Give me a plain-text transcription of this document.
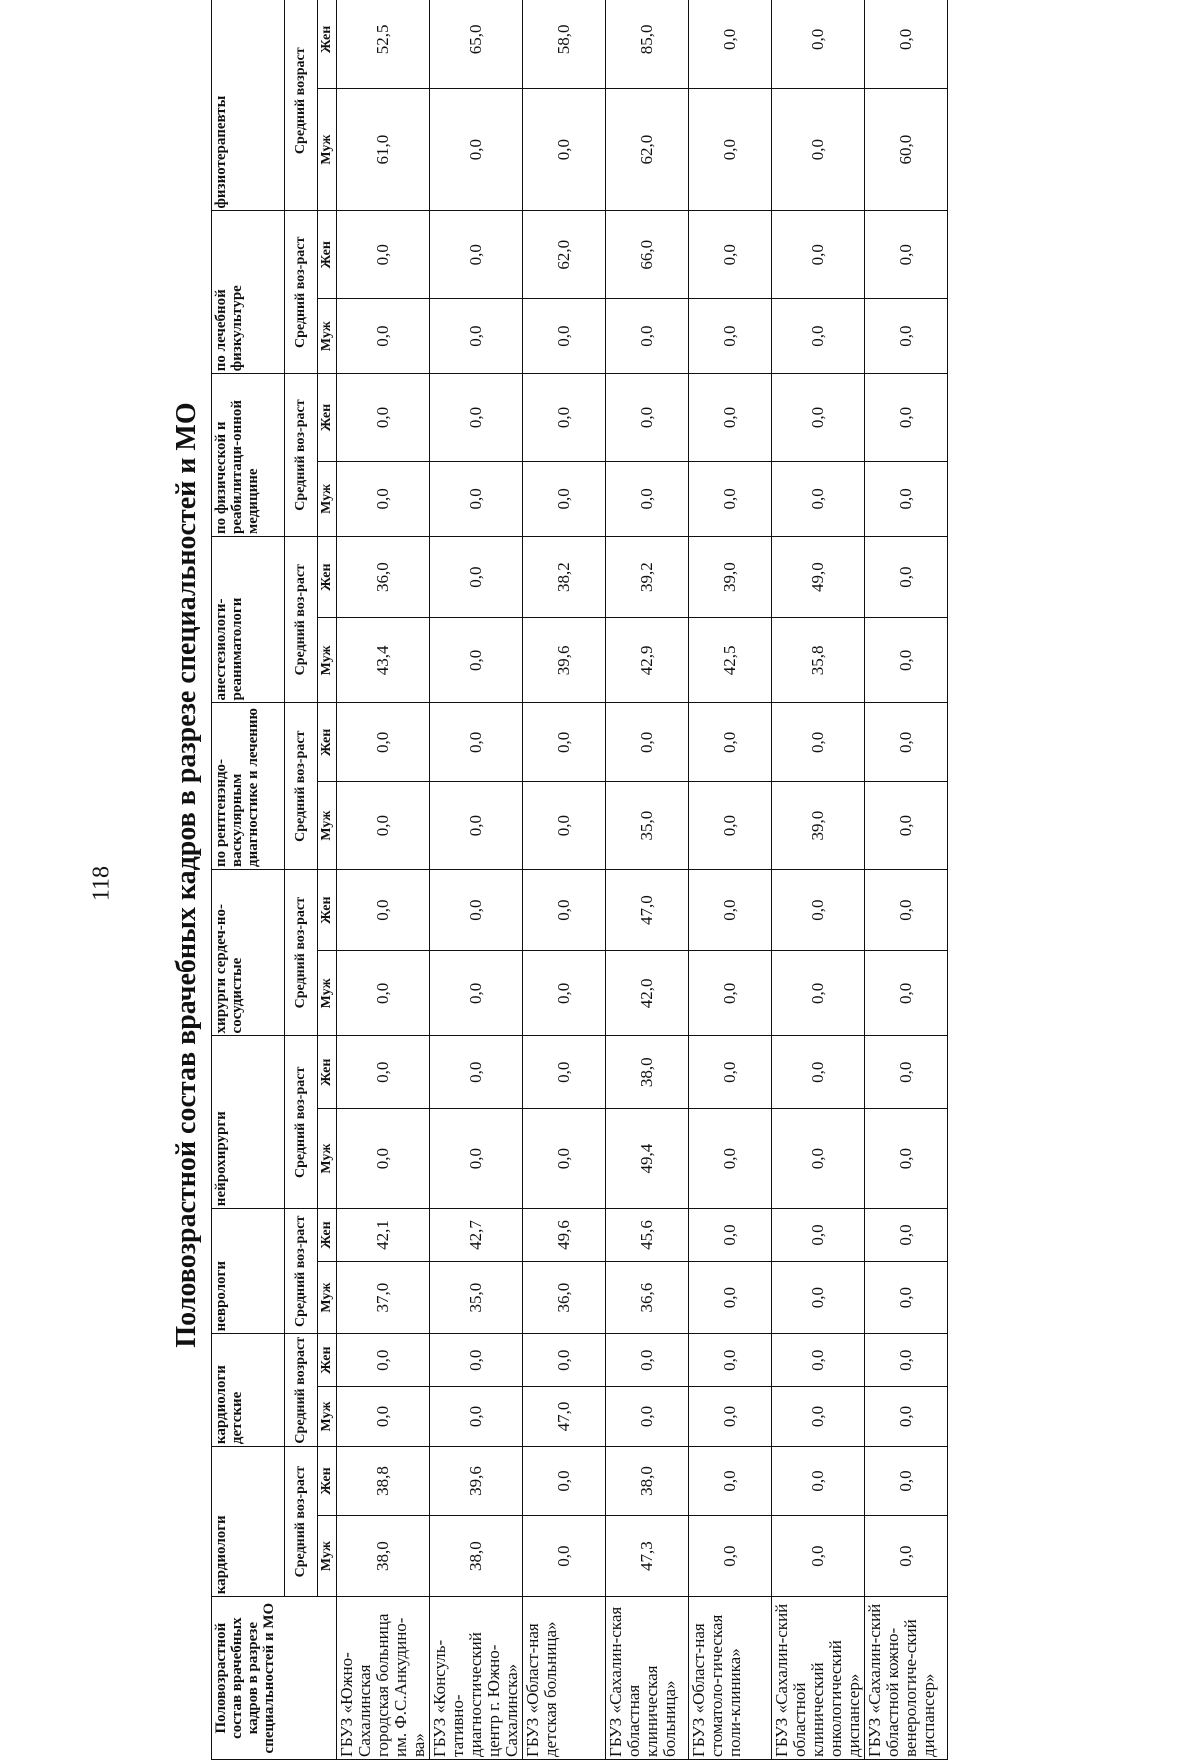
118 Половозрастной состав врачебных кадров в разрезе специальностей и МО
Половозрастной состав врачебных кадров в разрезе специальностей и МО	кардиологи		кардиологи детские		неврологи		нейрохирурги		хирурги сердеч-но-сосудистые		по рентгенэндо-васкулярным диагностике и лечению		анестезиологи-реаниматологи		по физической и реабилитаци-онной медицине		по лечебной физкультуре		физиотерапевты	
	Средний воз-раст		Средний возраст		Средний воз-раст		Средний воз-раст		Средний воз-раст		Средний воз-раст		Средний воз-раст		Средний воз-раст		Средний воз-раст		Средний возраст	
	Муж	Жен	Муж	Жен	Муж	Жен	Муж	Жен	Муж	Жен	Муж	Жен	Муж	Жен	Муж	Жен	Муж	Жен	Муж	Жен
ГБУЗ «Южно-Сахалинская городская больница им. Ф.С.Анкудино-ва»	38,0	38,8	0,0	0,0	37,0	42,1	0,0	0,0	0,0	0,0	0,0	0,0	43,4	36,0	0,0	0,0	0,0	0,0	61,0	52,5
ГБУЗ «Консуль-тативно-диагностический центр г. Южно-Сахалинска»	38,0	39,6	0,0	0,0	35,0	42,7	0,0	0,0	0,0	0,0	0,0	0,0	0,0	0,0	0,0	0,0	0,0	0,0	0,0	65,0
ГБУЗ «Област-ная детская больница»	0,0	0,0	47,0	0,0	36,0	49,6	0,0	0,0	0,0	0,0	0,0	0,0	39,6	38,2	0,0	0,0	0,0	62,0	0,0	58,0
ГБУЗ «Сахалин-ская областная клиническая больница»	47,3	38,0	0,0	0,0	36,6	45,6	49,4	38,0	42,0	47,0	35,0	0,0	42,9	39,2	0,0	0,0	0,0	66,0	62,0	85,0
ГБУЗ «Област-ная стоматоло-гическая поли-клиника»	0,0	0,0	0,0	0,0	0,0	0,0	0,0	0,0	0,0	0,0	0,0	0,0	42,5	39,0	0,0	0,0	0,0	0,0	0,0	0,0
ГБУЗ «Сахалин-ский областной клинический онкологический диспансер»	0,0	0,0	0,0	0,0	0,0	0,0	0,0	0,0	0,0	0,0	39,0	0,0	35,8	49,0	0,0	0,0	0,0	0,0	0,0	0,0
ГБУЗ «Сахалин-ский областной кожно-венерологиче-ский диспансер»	0,0	0,0	0,0	0,0	0,0	0,0	0,0	0,0	0,0	0,0	0,0	0,0	0,0	0,0	0,0	0,0	0,0	0,0	60,0	0,0
